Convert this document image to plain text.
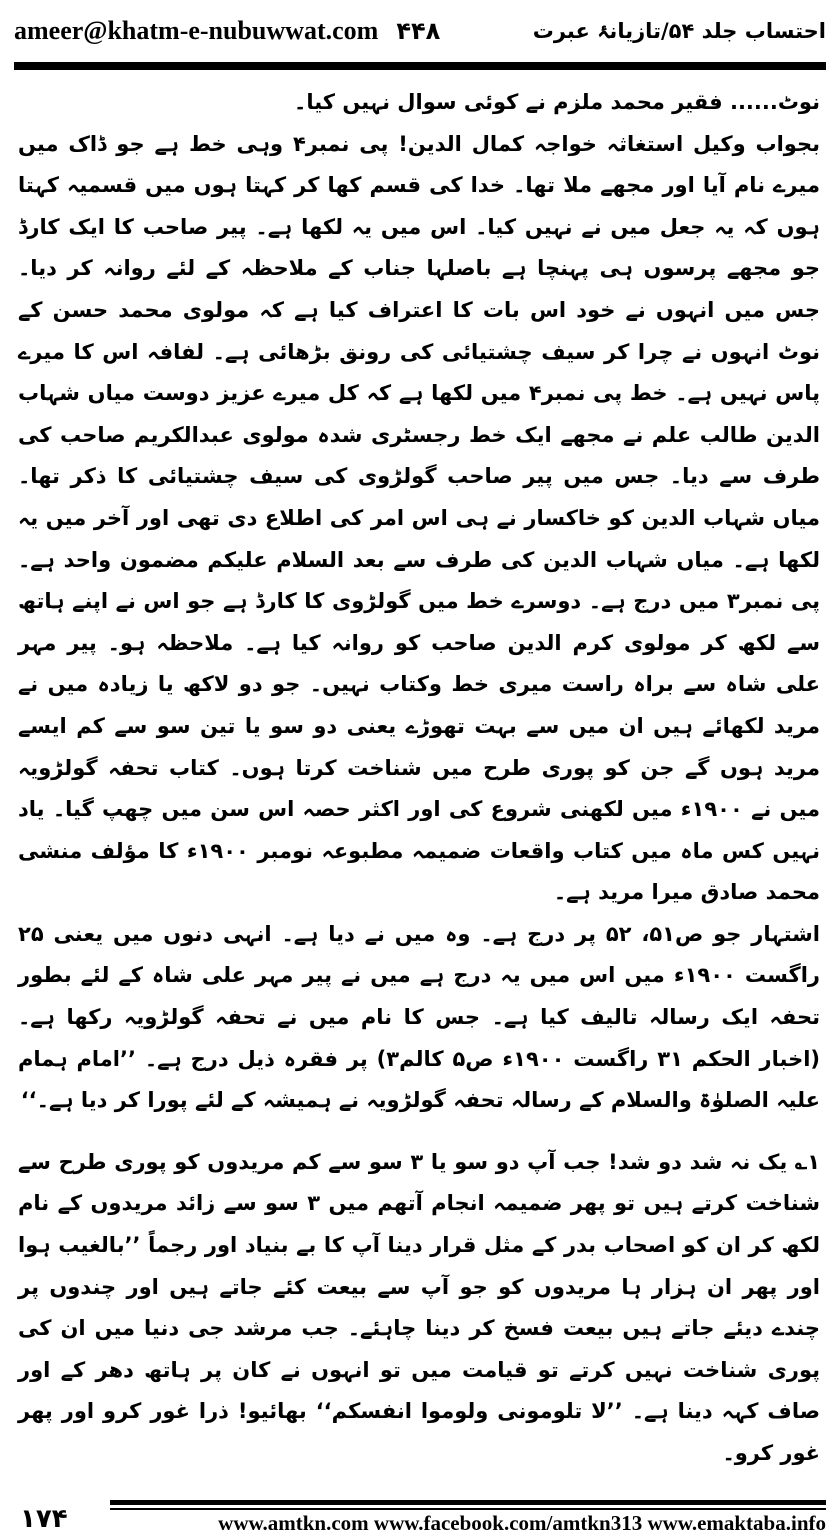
ameer@khatm-e-nubuwwat.com ۴۴۸	احتساب جلد ۵۴/تازیانۂ عبرت

نوٹ...... فقیر محمد ملزم نے کوئی سوال نہیں کیا۔

بجواب وکیل استغاثہ خواجہ کمال الدین! پی نمبر۴ وہی خط ہے جو ڈاک میں میرے نام آیا اور مجھے ملا تھا۔ خدا کی قسم کھا کر کہتا ہوں میں قسمیہ کہتا ہوں کہ یہ جعل میں نے نہیں کیا۔ اس میں یہ لکھا ہے۔ پیر صاحب کا ایک کارڈ جو مجھے پرسوں ہی پہنچا ہے باصلہا جناب کے ملاحظہ کے لئے روانہ کر دیا۔ جس میں انہوں نے خود اس بات کا اعتراف کیا ہے کہ مولوی محمد حسن کے نوٹ انہوں نے چرا کر سیف چشتیائی کی رونق بڑھائی ہے۔ لفافہ اس کا میرے پاس نہیں ہے۔ خط پی نمبر۴ میں لکھا ہے کہ کل میرے عزیز دوست میاں شہاب الدین طالب علم نے مجھے ایک خط رجسٹری شدہ مولوی عبدالکریم صاحب کی طرف سے دیا۔ جس میں پیر صاحب گولڑوی کی سیف چشتیائی کا ذکر تھا۔ میاں شہاب الدین کو خاکسار نے ہی اس امر کی اطلاع دی تھی اور آخر میں یہ لکھا ہے۔ میاں شہاب الدین کی طرف سے بعد السلام علیکم مضمون واحد ہے۔ پی نمبر۳ میں درج ہے۔ دوسرے خط میں گولڑوی کا کارڈ ہے جو اس نے اپنے ہاتھ سے لکھ کر مولوی کرم الدین صاحب کو روانہ کیا ہے۔ ملاحظہ ہو۔ پیر مہر علی شاہ سے براہ راست میری خط وکتاب نہیں۔ جو دو لاکھ یا زیادہ میں نے مرید لکھائے ہیں ان میں سے بہت تھوڑے یعنی دو سو یا تین سو سے کم ایسے مرید ہوں گے جن کو پوری طرح میں شناخت کرتا ہوں۔ کتاب تحفہ گولڑویہ میں نے ۱۹۰۰ء میں لکھنی شروع کی اور اکثر حصہ اس سن میں چھپ گیا۔ یاد نہیں کس ماہ میں کتاب واقعات ضمیمہ مطبوعہ نومبر ۱۹۰۰ء کا مؤلف منشی محمد صادق میرا مرید ہے۔

اشتہار جو ص۵۱، ۵۲ پر درج ہے۔ وہ میں نے دیا ہے۔ انہی دنوں میں یعنی ۲۵ راگست ۱۹۰۰ء میں اس میں یہ درج ہے میں نے پیر مہر علی شاہ کے لئے بطور تحفہ ایک رسالہ تالیف کیا ہے۔ جس کا نام میں نے تحفہ گولڑویہ رکھا ہے۔ (اخبار الحکم ۳۱ راگست ۱۹۰۰ء ص۵ کالم۳) پر فقرہ ذیل درج ہے۔ ’’امام ہمام علیہ الصلوٰۃ والسلام کے رسالہ تحفہ گولڑویہ نے ہمیشہ کے لئے پورا کر دیا ہے۔‘‘

۱؎ یک نہ شد دو شد! جب آپ دو سو یا ۳ سو سے کم مریدوں کو پوری طرح سے شناخت کرتے ہیں تو پھر ضمیمہ انجام آتھم میں ۳ سو سے زائد مریدوں کے نام لکھ کر ان کو اصحاب بدر کے مثل قرار دینا آپ کا بے بنیاد اور رجماً ’’بالغیب ہوا اور پھر ان ہزار ہا مریدوں کو جو آپ سے بیعت کئے جاتے ہیں اور چندوں پر چندے دیئے جاتے ہیں بیعت فسخ کر دینا چاہئے۔ جب مرشد جی دنیا میں ان کی پوری شناخت نہیں کرتے تو قیامت میں تو انہوں نے کان پر ہاتھ دھر کے اور صاف کہہ دینا ہے۔ ’’لا تلومونی ولوموا انفسکم‘‘ بھائیو! ذرا غور کرو اور پھر غور کرو۔

۱۷۴	www.amtkn.com www.facebook.com/amtkn313 www.emaktaba.info
